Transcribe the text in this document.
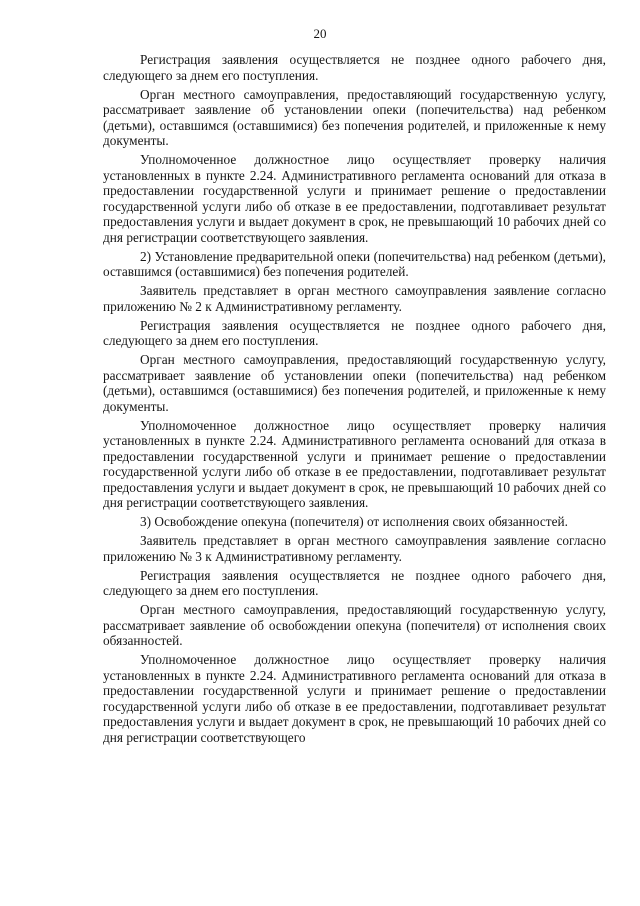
20

Регистрация заявления осуществляется не позднее одного рабочего дня, следующего за днем его поступления.

Орган местного самоуправления, предоставляющий государственную услугу, рассматривает заявление об установлении опеки (попечительства) над ребенком (детьми), оставшимся (оставшимися) без попечения родителей, и приложенные к нему документы.

Уполномоченное должностное лицо осуществляет проверку наличия установленных в пункте 2.24. Административного регламента оснований для отказа в предоставлении государственной услуги и принимает решение о предоставлении государственной услуги либо об отказе в ее предоставлении, подготавливает результат предоставления услуги и выдает документ в срок, не превышающий 10 рабочих дней со дня регистрации соответствующего заявления.

2) Установление предварительной опеки (попечительства) над ребенком (детьми), оставшимся (оставшимися) без попечения родителей.

Заявитель представляет в орган местного самоуправления заявление согласно приложению № 2 к Административному регламенту.

Регистрация заявления осуществляется не позднее одного рабочего дня, следующего за днем его поступления.

Орган местного самоуправления, предоставляющий государственную услугу, рассматривает заявление об установлении опеки (попечительства) над ребенком (детьми), оставшимся (оставшимися) без попечения родителей, и приложенные к нему документы.

Уполномоченное должностное лицо осуществляет проверку наличия установленных в пункте 2.24. Административного регламента оснований для отказа в предоставлении государственной услуги и принимает решение о предоставлении государственной услуги либо об отказе в ее предоставлении, подготавливает результат предоставления услуги и выдает документ в срок, не превышающий 10 рабочих дней со дня регистрации соответствующего заявления.

3) Освобождение опекуна (попечителя) от исполнения своих обязанностей.

Заявитель представляет в орган местного самоуправления заявление согласно приложению № 3 к Административному регламенту.

Регистрация заявления осуществляется не позднее одного рабочего дня, следующего за днем его поступления.

Орган местного самоуправления, предоставляющий государственную услугу, рассматривает заявление об освобождении опекуна (попечителя) от исполнения своих обязанностей.

Уполномоченное должностное лицо осуществляет проверку наличия установленных в пункте 2.24. Административного регламента оснований для отказа в предоставлении государственной услуги и принимает решение о предоставлении государственной услуги либо об отказе в ее предоставлении, подготавливает результат предоставления услуги и выдает документ в срок, не превышающий 10 рабочих дней со дня регистрации соответствующего
